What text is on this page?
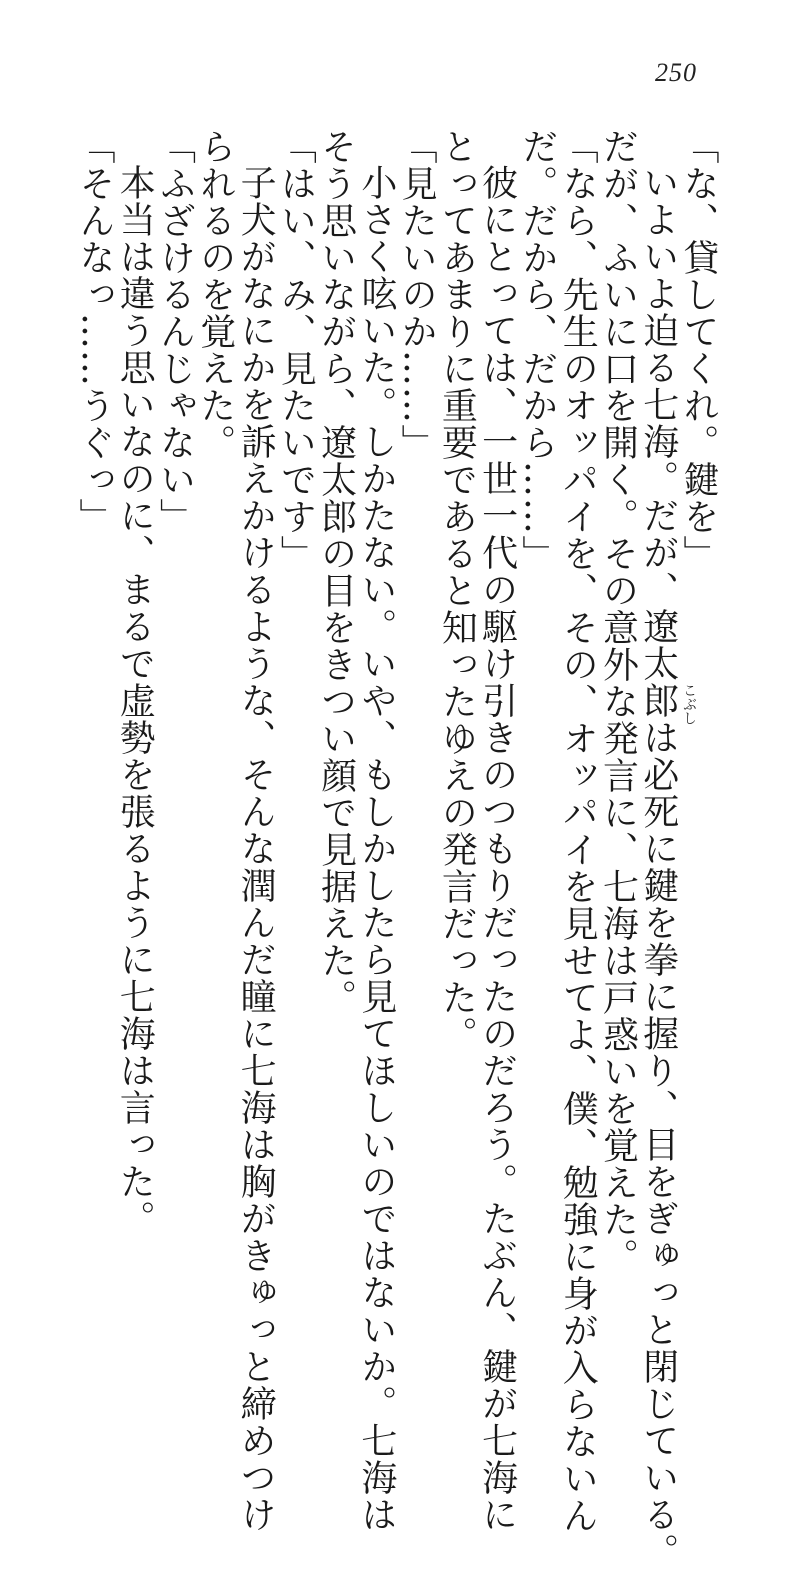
250
こぶし
「な、貸してくれ。鍵を」
いよいよ迫る七海。だが、遼太郎は必死に鍵を拳に握り、目をぎゅっと閉じている。
だが、ふいに口を開く。その意外な発言に、七海は戸惑いを覚えた。
「なら、先生のオッパイを、その、オッパイを見せてよ、僕、勉強に身が入らないん
だ。だから、だから……」
彼にとっては、一世一代の駆け引きのつもりだったのだろう。たぶん、鍵が七海に
とってあまりに重要であると知ったゆえの発言だった。
「見たいのか……」
小さく呟いた。しかたない。いや、もしかしたら見てほしいのではないか。七海は
そう思いながら、遼太郎の目をきつい顔で見据えた。
「はい、み、見たいです」
子犬がなにかを訴えかけるような、そんな潤んだ瞳に七海は胸がきゅっと締めつけ
られるのを覚えた。
「ふざけるんじゃない」
本当は違う思いなのに、まるで虚勢を張るように七海は言った。
「そんなっ……うぐっ」
